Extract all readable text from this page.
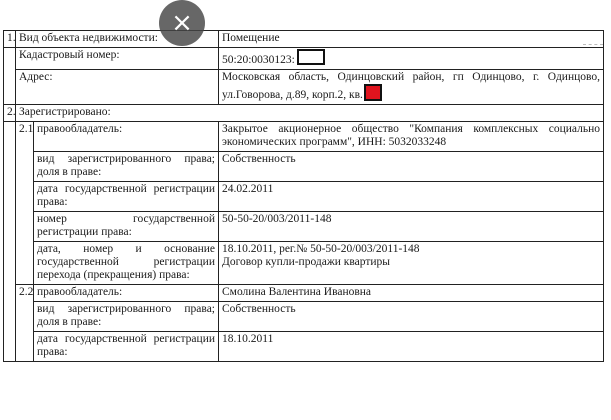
1.	Вид объекта недвижимости:		Помещение
	Кадастровый номер:		50:20:0030123:
	Адрес:		Московская область, Одинцовский район, гп Одинцово, г. Одинцово, ул.Говорова, д.89, корп.2, кв.
2.	Зарегистрировано:		
	2.1	правообладатель:	Закрытое акционерное общество "Компания комплексных социально экономических программ", ИНН: 5032033248
		вид зарегистрированного права; доля в праве:	Собственность
		дата государственной регистрации права:	24.02.2011
		номер государственной регистрации права:	50-50-20/003/2011-148
		дата, номер и основание государственной регистрации перехода (прекращения) права:	18.10.2011, рег.№ 50-50-20/003/2011-148
Договор купли-продажи квартиры

	2.2	правообладатель:	Смолина Валентина Ивановна
		вид зарегистрированного права; доля в праве:	Собственность
		дата государственной регистрации права:	18.10.2011
×
